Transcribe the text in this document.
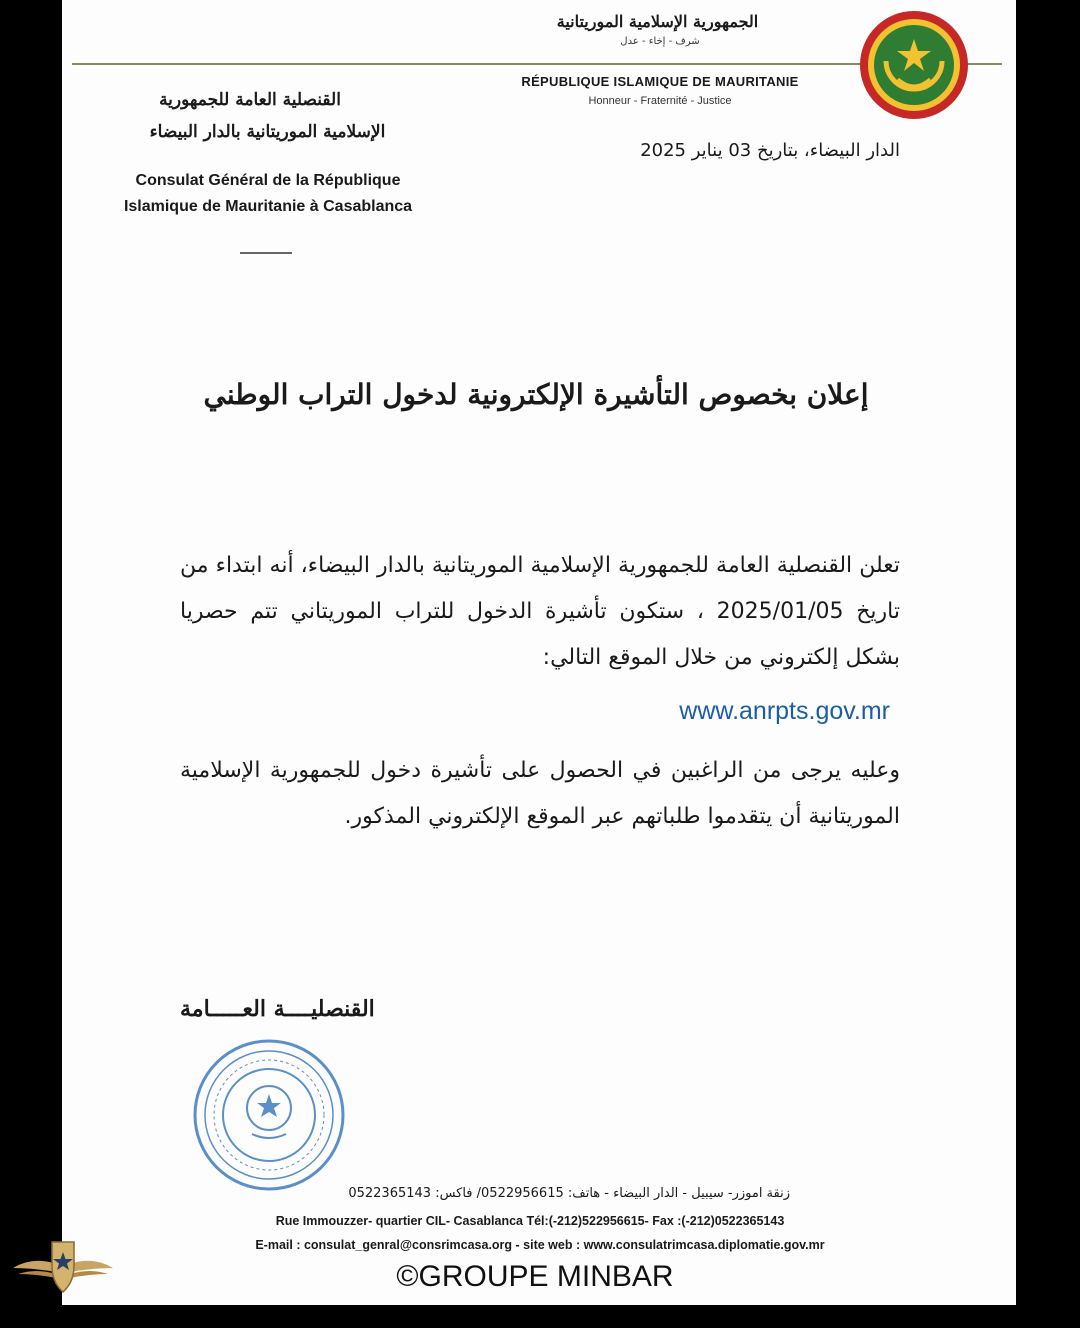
الجمهورية الإسلامية الموريتانية
شرف - إخاء - عدل
RÉPUBLIQUE ISLAMIQUE DE MAURITANIE
Honneur - Fraternité - Justice
الدار البيضاء، بتاريخ 03 يناير 2025
القنصلية العامة للجمهورية
الإسلامية الموريتانية بالدار البيضاء
Consulat Général de la République Islamique de Mauritanie à Casablanca
إعلان بخصوص التأشيرة الإلكترونية لدخول التراب الوطني
تعلن القنصلية العامة للجمهورية الإسلامية الموريتانية بالدار البيضاء، أنه ابتداء من تاريخ 2025/01/05 ، ستكون تأشيرة الدخول للتراب الموريتاني تتم حصريا بشكل إلكتروني من خلال الموقع التالي:
www.anrpts.gov.mr
وعليه يرجى من الراغبين في الحصول على تأشيرة دخول للجمهورية الإسلامية الموريتانية أن يتقدموا طلباتهم عبر الموقع الإلكتروني المذكور.
القنصليــــة العـــــامة
زنقة اموزر- سيبيل - الدار البيضاء - هاتف: 0522956615/ فاكس: 0522365143
Rue Immouzzer- quartier CIL- Casablanca Tél:(-212)522956615- Fax :(-212)0522365143
E-mail : consulat_genral@consrimcasa.org - site web : www.consulatrimcasa.diplomatie.gov.mr
©GROUPE MINBAR
